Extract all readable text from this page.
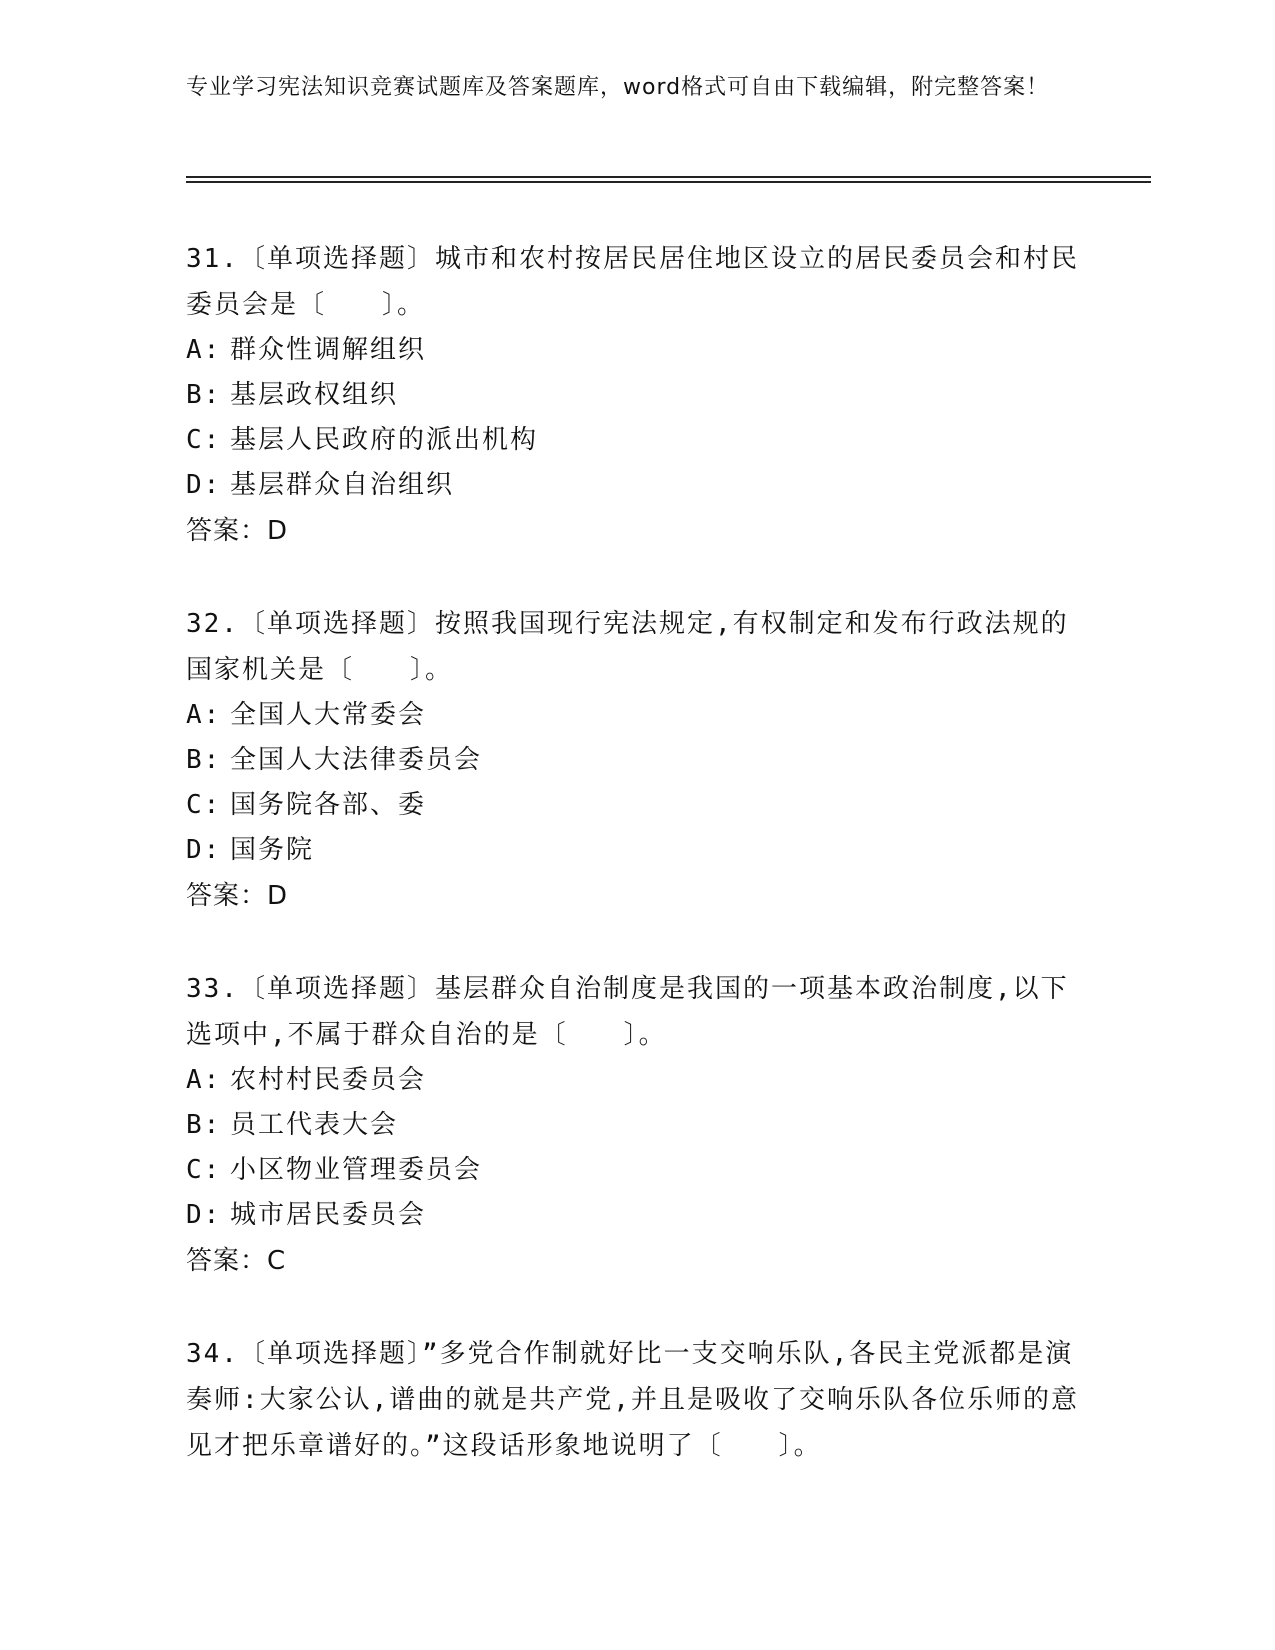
专业学习宪法知识竞赛试题库及答案题库，word格式可自由下载编辑，附完整答案！

31.〔单项选择题〕城市和农村按居民居住地区设立的居民委员会和村民委员会是〔　　〕。

A: 群众性调解组织

B: 基层政权组织

C: 基层人民政府的派出机构

D: 基层群众自治组织

答案：D

32.〔单项选择题〕按照我国现行宪法规定,有权制定和发布行政法规的国家机关是〔　　〕。

A: 全国人大常委会

B: 全国人大法律委员会

C: 国务院各部、委

D: 国务院

答案：D

33.〔单项选择题〕基层群众自治制度是我国的一项基本政治制度,以下选项中,不属于群众自治的是〔　　〕。

A: 农村村民委员会

B: 员工代表大会

C: 小区物业管理委员会

D: 城市居民委员会

答案：C

34.〔单项选择题〕”多党合作制就好比一支交响乐队,各民主党派都是演奏师:大家公认,谱曲的就是共产党,并且是吸收了交响乐队各位乐师的意见才把乐章谱好的。”这段话形象地说明了〔　　〕。
